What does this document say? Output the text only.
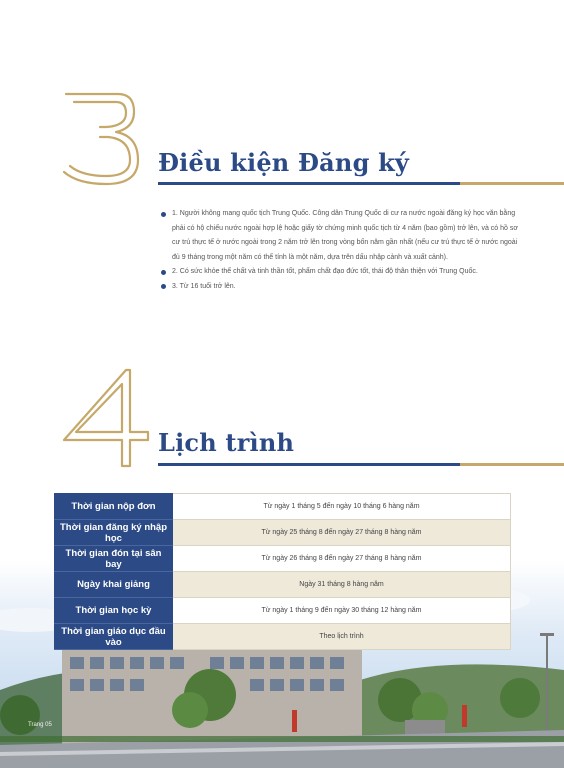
Điều kiện Đăng ký
1. Người không mang quốc tịch Trung Quốc. Công dân Trung Quốc di cư ra nước ngoài đăng ký học văn bằng phải có hộ chiếu nước ngoài hợp lệ hoặc giấy tờ chứng minh quốc tịch từ 4 năm (bao gồm) trở lên, và có hồ sơ cư trú thực tế ở nước ngoài trong 2 năm trở lên trong vòng bốn năm gần nhất (nếu cư trú thực tế ở nước ngoài đủ 9 tháng trong một năm có thể tính là một năm, dựa trên dấu nhập cảnh và xuất cảnh).
2. Có sức khỏe thể chất và tinh thần tốt, phẩm chất đạo đức tốt, thái độ thân thiện với Trung Quốc.
3. Từ 16 tuổi trở lên.
Lịch trình
Thời gian nộp đơn	Từ ngày 1 tháng 5 đến ngày 10 tháng 6 hàng năm
Thời gian đăng ký nhập học	Từ ngày 25 tháng 8 đến ngày 27 tháng 8 hàng năm
Thời gian đón tại sân bay	Từ ngày 26 tháng 8 đến ngày 27 tháng 8 hàng năm
Ngày khai giảng	Ngày 31 tháng 8 hàng năm
Thời gian học kỳ	Từ ngày 1 tháng 9 đến ngày 30 tháng 12 hàng năm
Thời gian giáo dục đầu vào	Theo lịch trình
Trang 05
